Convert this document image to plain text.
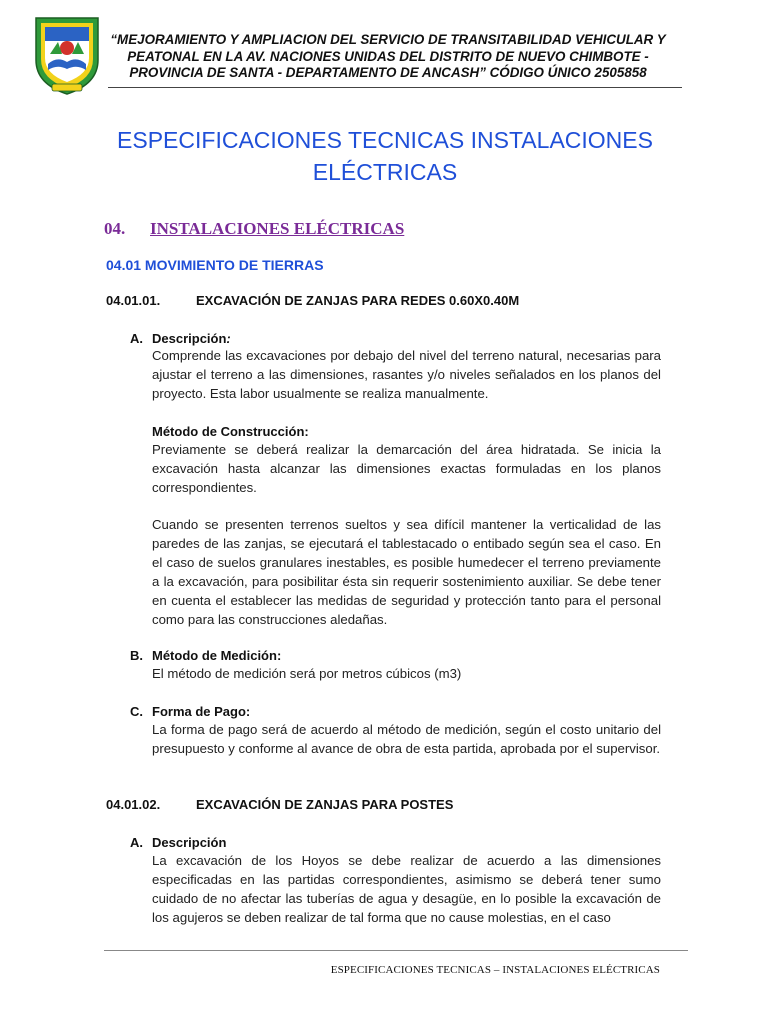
“MEJORAMIENTO Y AMPLIACION DEL SERVICIO DE TRANSITABILIDAD VEHICULAR Y
PEATONAL EN LA AV. NACIONES UNIDAS DEL DISTRITO DE NUEVO CHIMBOTE -
PROVINCIA DE SANTA - DEPARTAMENTO DE ANCASH” CÓDIGO ÚNICO 2505858
ESPECIFICACIONES TECNICAS INSTALACIONES
ELÉCTRICAS
04. INSTALACIONES ELÉCTRICAS
04.01 MOVIMIENTO DE TIERRAS
04.01.01.	EXCAVACIÓN DE ZANJAS PARA REDES 0.60X0.40M
A. Descripción:
Comprende las excavaciones por debajo del nivel del terreno natural, necesarias para ajustar el terreno a las dimensiones, rasantes y/o niveles señalados en los planos del proyecto. Esta labor usualmente se realiza manualmente.
Método de Construcción:
Previamente se deberá realizar la demarcación del área hidratada. Se inicia la excavación hasta alcanzar las dimensiones exactas formuladas en los planos correspondientes.
Cuando se presenten terrenos sueltos y sea difícil mantener la verticalidad de las paredes de las zanjas, se ejecutará el tablestacado o entibado según sea el caso. En el caso de suelos granulares inestables, es posible humedecer el terreno previamente a la excavación, para posibilitar ésta sin requerir sostenimiento auxiliar. Se debe tener en cuenta el establecer las medidas de seguridad y protección tanto para el personal como para las construcciones aledañas.
B. Método de Medición:
El método de medición será por metros cúbicos (m3)
C. Forma de Pago:
La forma de pago será de acuerdo al método de medición, según el costo unitario del presupuesto y conforme al avance de obra de esta partida, aprobada por el supervisor.
04.01.02.	EXCAVACIÓN DE ZANJAS PARA POSTES
A. Descripción
La excavación de los Hoyos se debe realizar de acuerdo a las dimensiones especificadas en las partidas correspondientes, asimismo se deberá tener sumo cuidado de no afectar las tuberías de agua y desagüe, en lo posible la excavación de los agujeros se deben realizar de tal forma que no cause molestias, en el caso
ESPECIFICACIONES TECNICAS – INSTALACIONES ELÉCTRICAS
